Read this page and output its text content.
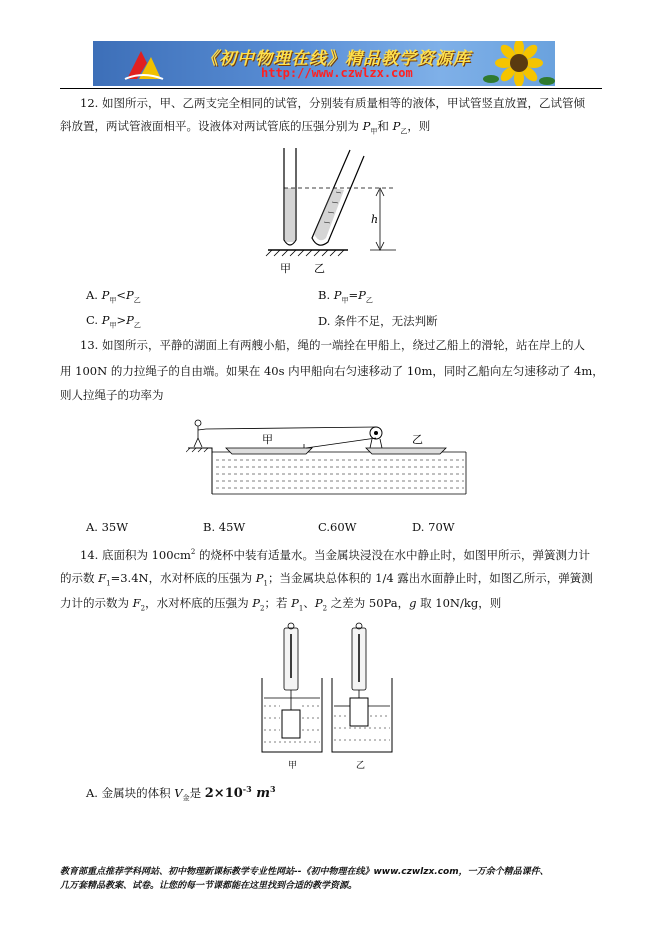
《初中物理在线》精品教学资源库
http://www.czwlzx.com
12. 如图所示，甲、乙两支完全相同的试管，分别装有质量相等的液体，甲试管竖直放置，乙试管倾
斜放置，两试管液面相平。设液体对两试管底的压强分别为 $P_甲$和 $P_乙$，则
h
甲 乙
A. $P_甲<P_乙$	B. $P_甲=P_乙$
C. $P_甲>P_乙$	D. 条件不足，无法判断
13. 如图所示，平静的湖面上有两艘小船，绳的一端拴在甲船上，绕过乙船上的滑轮，站在岸上的人
用 100N 的力拉绳子的自由端。如果在 40s 内甲船向右匀速移动了 10m，同时乙船向左匀速移动了 4m，
则人拉绳子的功率为
甲	乙
A. 35W	B. 45W	C.60W	D. 70W
14. 底面积为 $100cm^2$ 的烧杯中装有适量水。当金属块浸没在水中静止时，如图甲所示，弹簧测力计
的示数 $F_1=3.4N$，水对杯底的压强为 $P_1$；当金属块总体积的 1/4 露出水面静止时，如图乙所示，弹簧测
力计的示数为 $F_2$，水对杯底的压强为 $P_2$；若 $P_1$、$P_2$ 之差为 50Pa，g 取 10N/kg，则
甲	乙
A. 金属块的体积 $V_金$是 $2\times 10^{-3}$ $m^3$
教育部重点推荐学科网站、初中物理新课标教学专业性网站--《初中物理在线》www.czwlzx.com，一万余个精品课件、
几万套精品教案、试卷。让您的每一节课都能在这里找到合适的教学资源。
